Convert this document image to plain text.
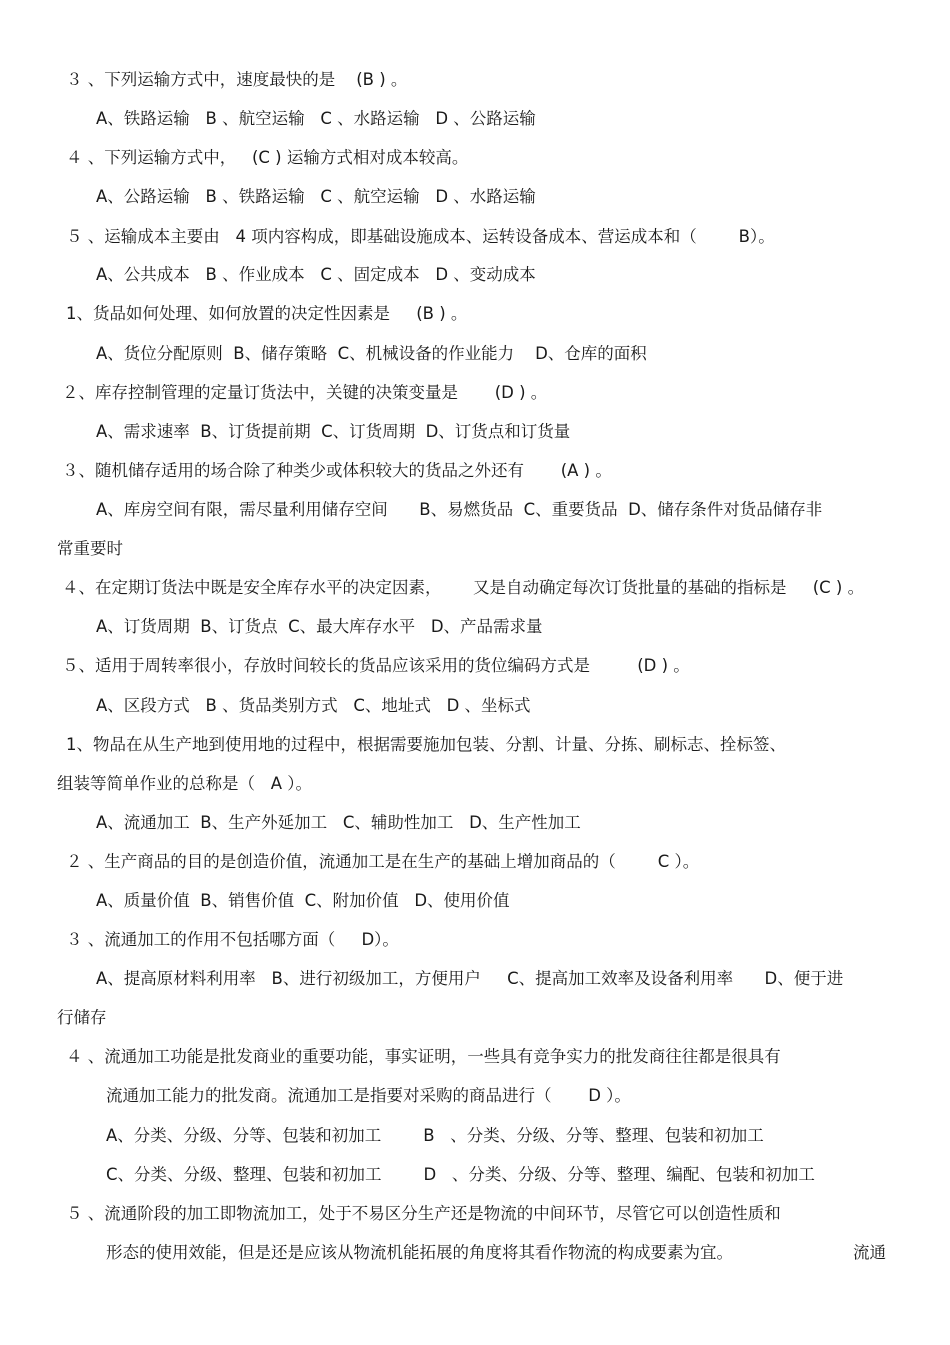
３ 、下列运输方式中，速度最快的是    (B ) 。
A、铁路运输   B 、航空运输   C 、水路运输   D 、公路运输
４ 、下列运输方式中，   (C ) 运输方式相对成本较高。
A、公路运输   B 、铁路运输   C 、航空运输   D 、水路运输
５ 、运输成本主要由   4 项内容构成，即基础设施成本、运转设备成本、营运成本和（        B）。
A、公共成本   B 、作业成本   C 、固定成本   D 、变动成本
1、货品如何处理、如何放置的决定性因素是     (B ) 。
A、货位分配原则  B、储存策略  C、机械设备的作业能力    D、仓库的面积
２、库存控制管理的定量订货法中，关键的决策变量是       (D ) 。
A、需求速率  B、订货提前期  C、订货周期  D、订货点和订货量
３、随机储存适用的场合除了种类少或体积较大的货品之外还有       (A ) 。
A、库房空间有限，需尽量利用储存空间      B、易燃货品  C、重要货品  D、储存条件对货品储存非
常重要时
４、在定期订货法中既是安全库存水平的决定因素，      又是自动确定每次订货批量的基础的指标是     (C ) 。
A、订货周期  B、订货点  C、最大库存水平   D、产品需求量
５、适用于周转率很小，存放时间较长的货品应该采用的货位编码方式是         (D ) 。
A、区段方式   B 、货品类别方式   C、地址式   D 、坐标式
1、物品在从生产地到使用地的过程中，根据需要施加包装、分割、计量、分拣、刷标志、拴标签、
组装等简单作业的总称是（   A ）。
A、流通加工  B、生产外延加工   C、辅助性加工   D、生产性加工
２ 、生产商品的目的是创造价值，流通加工是在生产的基础上增加商品的（        C ）。
A、质量价值  B、销售价值  C、附加价值   D、使用价值
３ 、流通加工的作用不包括哪方面（     D）。
A、提高原材料利用率   B、进行初级加工，方便用户     C、提高加工效率及设备利用率      D、便于进
行储存
４ 、流通加工功能是批发商业的重要功能，事实证明，一些具有竞争实力的批发商往往都是很具有
流通加工能力的批发商。流通加工是指要对采购的商品进行（       D ）。
A、分类、分级、分等、包装和初加工        B   、分类、分级、分等、整理、包装和初加工
C、分类、分级、整理、包装和初加工        D   、分类、分级、分等、整理、编配、包装和初加工
５ 、流通阶段的加工即物流加工，处于不易区分生产还是物流的中间环节，尽管它可以创造性质和
形态的使用效能，但是还是应该从物流机能拓展的角度将其看作物流的构成要素为宜。	流通
